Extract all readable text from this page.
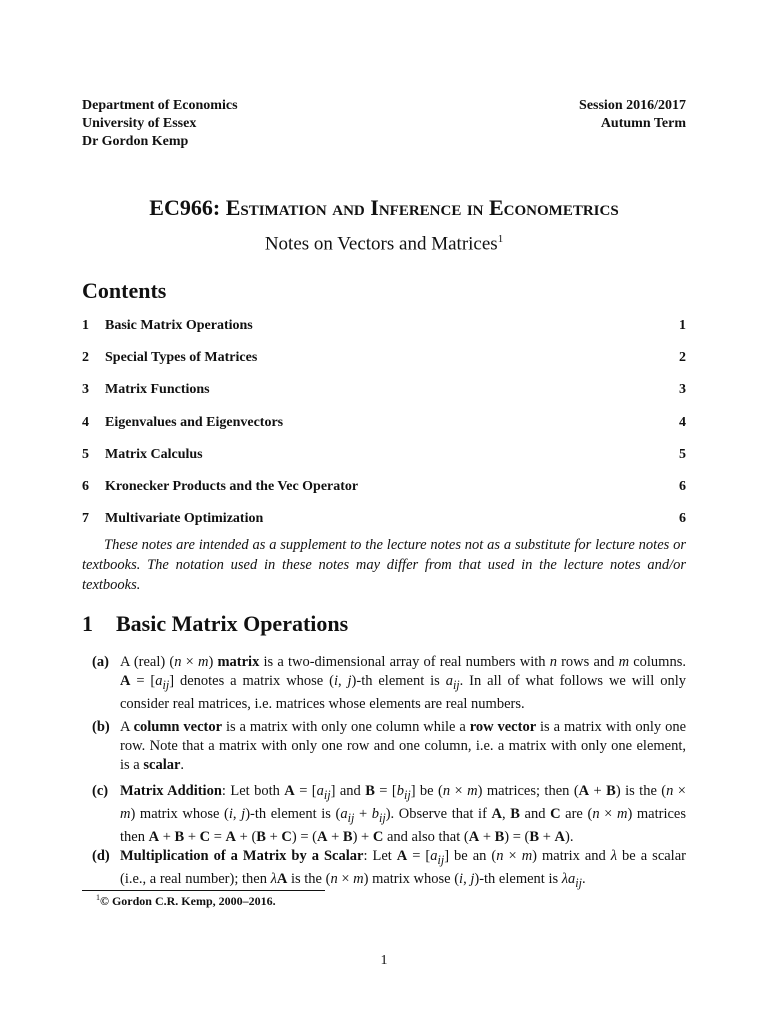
Department of Economics
University of Essex
Dr Gordon Kemp
Session 2016/2017
Autumn Term
EC966: Estimation and Inference in Econometrics
Notes on Vectors and Matrices$^1$
Contents
1 Basic Matrix Operations	1
2 Special Types of Matrices	2
3 Matrix Functions	3
4 Eigenvalues and Eigenvectors	4
5 Matrix Calculus	5
6 Kronecker Products and the Vec Operator	6
7 Multivariate Optimization	6
These notes are intended as a supplement to the lecture notes not as a substitute for lecture notes or textbooks. The notation used in these notes may differ from that used in the lecture notes and/or textbooks.
1 Basic Matrix Operations
(a) A (real) (n × m) matrix is a two-dimensional array of real numbers with n rows and m columns. $A = [a_{ij}]$ denotes a matrix whose (i, j)-th element is $a_{ij}$. In all of what follows we will only consider real matrices, i.e. matrices whose elements are real numbers.
(b) A column vector is a matrix with only one column while a row vector is a matrix with only one row. Note that a matrix with only one row and one column, i.e. a matrix with only one element, is a scalar.
(c) Matrix Addition: Let both $A = [a_{ij}]$ and $B = [b_{ij}]$ be (n × m) matrices; then (A + B) is the (n × m) matrix whose (i, j)-th element is $(a_{ij} + b_{ij})$. Observe that if A, B and C are (n × m) matrices then A + B + C = A + (B + C) = (A + B) + C and also that (A + B) = (B + A).
(d) Multiplication of a Matrix by a Scalar: Let $A = [a_{ij}]$ be an (n × m) matrix and λ be a scalar (i.e., a real number); then λA is the (n × m) matrix whose (i, j)-th element is $\lambda a_{ij}$.
$^1$© Gordon C.R. Kemp, 2000–2016.
1
